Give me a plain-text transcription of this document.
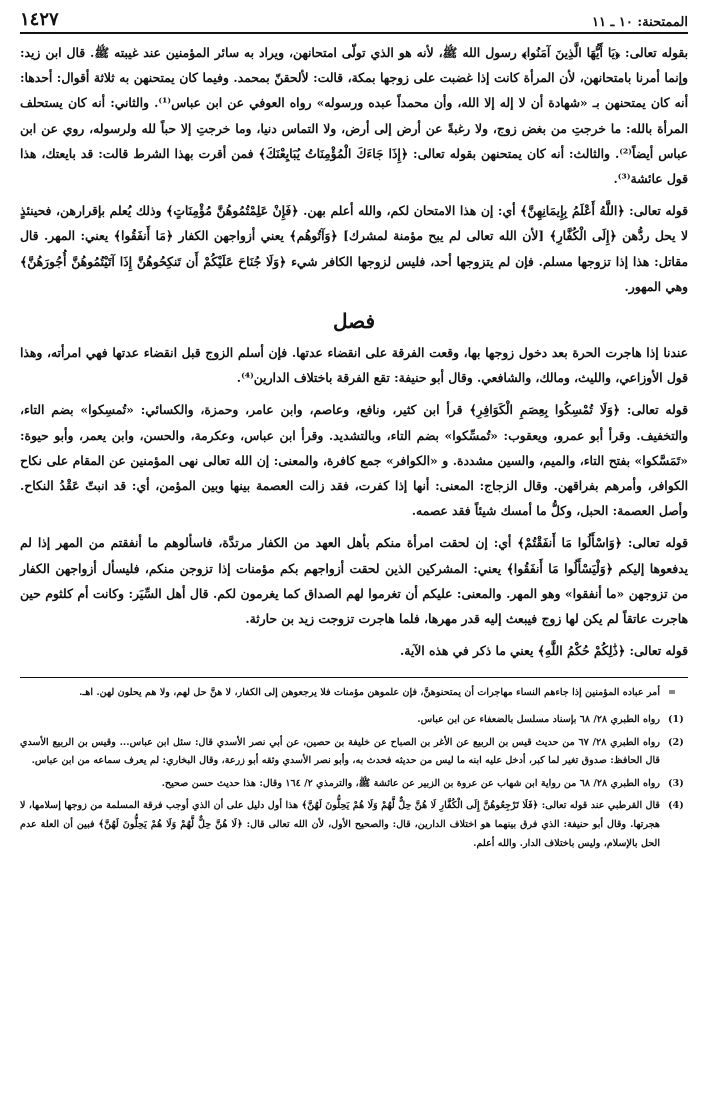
الممتحنة: ١٠ ـ ١١
١٤٢٧

بقوله تعالى: ﴿يَا أَيُّهَا الَّذِينَ آمَنُوا﴾ رسول الله ﷺ، لأنه هو الذي تولّى امتحانهن، ويراد به سائر المؤمنين عند غيبته ﷺ. قال ابن زيد: وإنما أمرنا بامتحانهن، لأن المرأة كانت إذا غضبت على زوجها بمكة، قالت: لألحقنّ بمحمد. وفيما كان يمتحنهن به ثلاثة أقوال: أحدها: أنه كان يمتحنهن بـ «شهادة أن لا إله إلا الله، وأن محمداً عبده ورسوله» رواه العوفي عن ابن عباس⁽¹⁾. والثاني: أنه كان يستحلف المرأة بالله: ما خرجتِ من بغض زوج، ولا رغبةً عن أرض إلى أرض، ولا التماس دنيا، وما خرجتِ إلا حباً لله ولرسوله، روي عن ابن عباس أيضاً⁽²⁾. والثالث: أنه كان يمتحنهن بقوله تعالى: ﴿إِذَا جَاءَكَ الْمُؤْمِنَاتُ يُبَايِعْنَكَ﴾ فمن أقرت بهذا الشرط قالت: قد بايعتك، هذا قول عائشة⁽³⁾.

قوله تعالى: ﴿اللَّهُ أَعْلَمُ بِإِيمَانِهِنَّ﴾ أي: إن هذا الامتحان لكم، والله أعلم بهن. ﴿فَإِنْ عَلِمْتُمُوهُنَّ مُؤْمِنَاتٍ﴾ وذلك يُعلم بإقرارهن، فحينئذٍ لا يحل ردُّهن ﴿إِلَى الْكُفَّارِ﴾ [لأن الله تعالى لم يبح مؤمنة لمشرك] ﴿وَآتُوهُم﴾ يعني أزواجهن الكفار ﴿مَا أَنفَقُوا﴾ يعني: المهر. قال مقاتل: هذا إذا تزوجها مسلم. فإن لم يتزوجها أحد، فليس لزوجها الكافر شيء ﴿وَلَا جُنَاحَ عَلَيْكُمْ أَن تَنكِحُوهُنَّ إِذَا آتَيْتُمُوهُنَّ أُجُورَهُنَّ﴾ وهي المهور.

فصل

عندنا إذا هاجرت الحرة بعد دخول زوجها بها، وقعت الفرقة على انقضاء عدتها. فإن أسلم الزوج قبل انقضاء عدتها فهي امرأته، وهذا قول الأوزاعي، والليث، ومالك، والشافعي. وقال أبو حنيفة: تقع الفرقة باختلاف الدارين⁽⁴⁾.

قوله تعالى: ﴿وَلَا تُمْسِكُوا بِعِصَمِ الْكَوَافِرِ﴾ قرأ ابن كثير، ونافع، وعاصم، وابن عامر، وحمزة، والكسائي: «تُمسِكوا» بضم التاء، والتخفيف. وقرأ أبو عمرو، ويعقوب: «تُمسِّكوا» بضم التاء، وبالتشديد. وقرأ ابن عباس، وعكرمة، والحسن، وابن يعمر، وأبو حيوة: «تَمَسَّكوا» بفتح التاء، والميم، والسين مشددة. و «الكوافر» جمع كافرة، والمعنى: إن الله تعالى نهى المؤمنين عن المقام على نكاح الكوافر، وأمرهم بفراقهن. وقال الزجاج: المعنى: أنها إذا كفرت، فقد زالت العصمة بينها وبين المؤمن، أي: قد انبتّ عَقْدُ النكاح. وأصل العصمة: الحبل، وكلُّ ما أمسك شيئاً فقد عصمه.

قوله تعالى: ﴿وَاسْأَلُوا مَا أَنفَقْتُمْ﴾ أي: إن لحقت امرأة منكم بأهل العهد من الكفار مرتدَّة، فاسألوهم ما أنفقتم من المهر إذا لم يدفعوها إليكم ﴿وَلْيَسْأَلُوا مَا أَنفَقُوا﴾ يعني: المشركين الذين لحقت أزواجهم بكم مؤمنات إذا تزوجن منكم، فليسأل أزواجهن الكفار من تزوجهن «ما أنفقوا» وهو المهر. والمعنى: عليكم أن تغرموا لهم الصداق كما يغرمون لكم. قال أهل السِّيَر: وكانت أم كلثوم حين هاجرت عاتقاً لم يكن لها زوج فيبعث إليه قدر مهرها، فلما هاجرت تزوجت زيد بن حارثة.

قوله تعالى: ﴿ذَٰلِكُمْ حُكْمُ اللَّهِ﴾ يعني ما ذكر في هذه الآية.

=
أمر عباده المؤمنين إذا جاءهم النساء مهاجرات أن يمتحنوهنَّ، فإن علموهن مؤمنات فلا يرجعوهن إلى الكفار، لا هنَّ حل لهم، ولا هم يحلون لهن. اهـ.
(1)
رواه الطبري ٢٨/ ٦٨ بإسناد مسلسل بالضعفاء عن ابن عباس.
(2)
رواه الطبري ٢٨/ ٦٧ من حديث قيس بن الربيع عن الأغر بن الصباح عن خليفة بن حصين، عن أبي نصر الأسدي قال: سئل ابن عباس... وقيس بن الربيع الأسدي قال الحافظ: صدوق تغير لما كبر، أدخل عليه ابنه ما ليس من حديثه فحدث به، وأبو نصر الأسدي وثقه أبو زرعة، وقال البخاري: لم يعرف سماعه من ابن عباس.
(3)
رواه الطبري ٢٨/ ٦٨ من رواية ابن شهاب عن عروة بن الزبير عن عائشة ﷺ، والترمذي ٢/ ١٦٤ وقال: هذا حديث حسن صحيح.
(4)
قال القرطبي عند قوله تعالى: ﴿فَلَا تَرْجِعُوهُنَّ إِلَى الْكُفَّارِ لَا هُنَّ حِلٌّ لَّهُمْ وَلَا هُمْ يَحِلُّونَ لَهُنَّ﴾ هذا أول دليل على أن الذي أوجب فرقة المسلمة من زوجها إسلامها، لا هجرتها. وقال أبو حنيفة: الذي فرق بينهما هو اختلاف الدارين، قال: والصحيح الأول، لأن الله تعالى قال: ﴿لَا هُنَّ حِلٌّ لَّهُمْ وَلَا هُمْ يَحِلُّونَ لَهُنَّ﴾ فبين أن العلة عدم الحل بالإسلام، وليس باختلاف الدار. والله أعلم.
